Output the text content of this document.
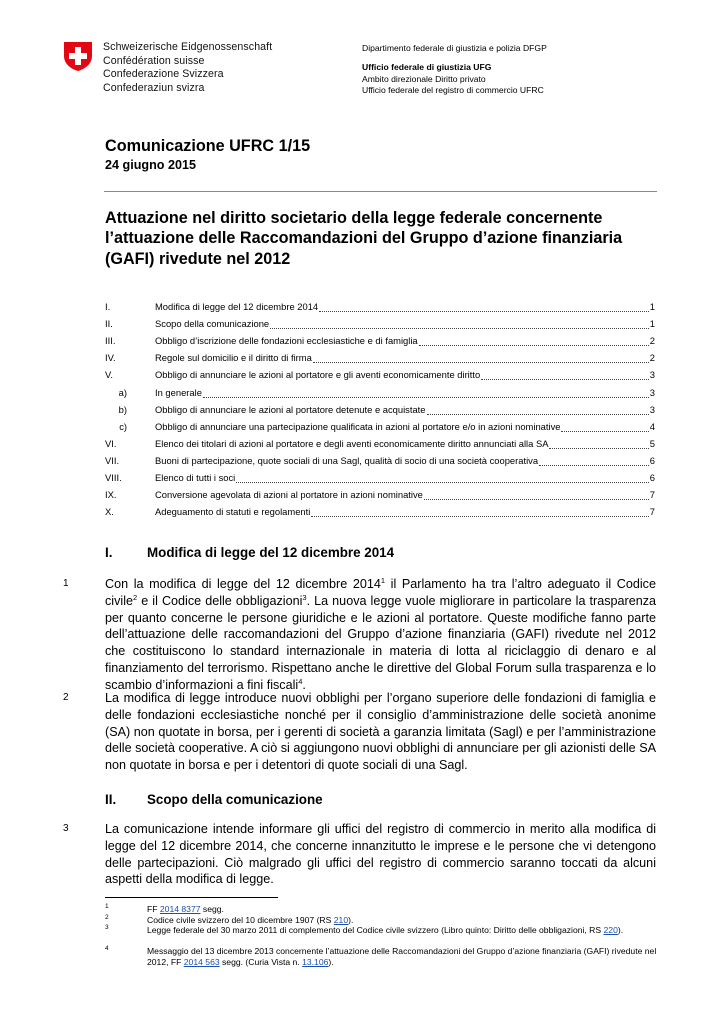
Schweizerische Eidgenossenschaft
Confédération suisse
Confederazione Svizzera
Confederaziun svizra
Dipartimento federale di giustizia e polizia DFGP
Ufficio federale di giustizia UFG
Ambito direzionale Diritto privato
Ufficio federale del registro di commercio UFRC
Comunicazione UFRC 1/15
24 giugno 2015
Attuazione nel diritto societario della legge federale concernente l’attuazione delle Raccomandazioni del Gruppo d’azione finanziaria (GAFI) rivedute nel 2012
I.	Modifica di legge del 12 dicembre 2014	1
II.	Scopo della comunicazione	1
III.	Obbligo d’iscrizione delle fondazioni ecclesiastiche e di famiglia	2
IV.	Regole sul domicilio e il diritto di firma	2
V.	Obbligo di annunciare le azioni al portatore e gli aventi economicamente diritto	3
a)	In generale	3
b)	Obbligo di annunciare le azioni al portatore detenute e acquistate	3
c)	Obbligo di annunciare una partecipazione qualificata in azioni al portatore e/o in azioni nominative	4
VI.	Elenco dei titolari di azioni al portatore e degli aventi economicamente diritto annunciati alla SA	5
VII.	Buoni di partecipazione, quote sociali di una Sagl, qualità di socio di una società cooperativa	6
VIII.	Elenco di tutti i soci	6
IX.	Conversione agevolata di azioni al portatore in azioni nominative	7
X.	Adeguamento di statuti e regolamenti	7
I.	Modifica di legge del 12 dicembre 2014
1	Con la modifica di legge del 12 dicembre 2014$^1$ il Parlamento ha tra l’altro adeguato il Codice civile$^2$ e il Codice delle obbligazioni$^3$. La nuova legge vuole migliorare in particolare la trasparenza per quanto concerne le persone giuridiche e le azioni al portatore. Queste modifiche fanno parte dell’attuazione delle raccomandazioni del Gruppo d’azione finanziaria (GAFI) rivedute nel 2012 che costituiscono lo standard internazionale in materia di lotta al riciclaggio di denaro e al finanziamento del terrorismo. Rispettano anche le direttive del Global Forum sulla trasparenza e lo scambio d’informazioni a fini fiscali$^4$.
2	La modifica di legge introduce nuovi obblighi per l’organo superiore delle fondazioni di famiglia e delle fondazioni ecclesiastiche nonché per il consiglio d’amministrazione delle società anonime (SA) non quotate in borsa, per i gerenti di società a garanzia limitata (Sagl) e per l’amministrazione delle società cooperative. A ciò si aggiungono nuovi obblighi di annunciare per gli azionisti delle SA non quotate in borsa e per i detentori di quote sociali di una Sagl.
II. Scopo della comunicazione
3	La comunicazione intende informare gli uffici del registro di commercio in merito alla modifica di legge del 12 dicembre 2014, che concerne innanzitutto le imprese e le persone che vi detengono delle partecipazioni. Ciò malgrado gli uffici del registro di commercio saranno toccati da alcuni aspetti della modifica di legge.
1	FF 2014 8377 segg.
2	Codice civile svizzero del 10 dicembre 1907 (RS 210).
3	Legge federale del 30 marzo 2011 di complemento del Codice civile svizzero (Libro quinto: Diritto delle obbligazioni, RS 220).
4	Messaggio del 13 dicembre 2013 concernente l’attuazione delle Raccomandazioni del Gruppo d’azione finanziaria (GAFI) rivedute nel 2012, FF 2014 563 segg. (Curia Vista n. 13.106).
